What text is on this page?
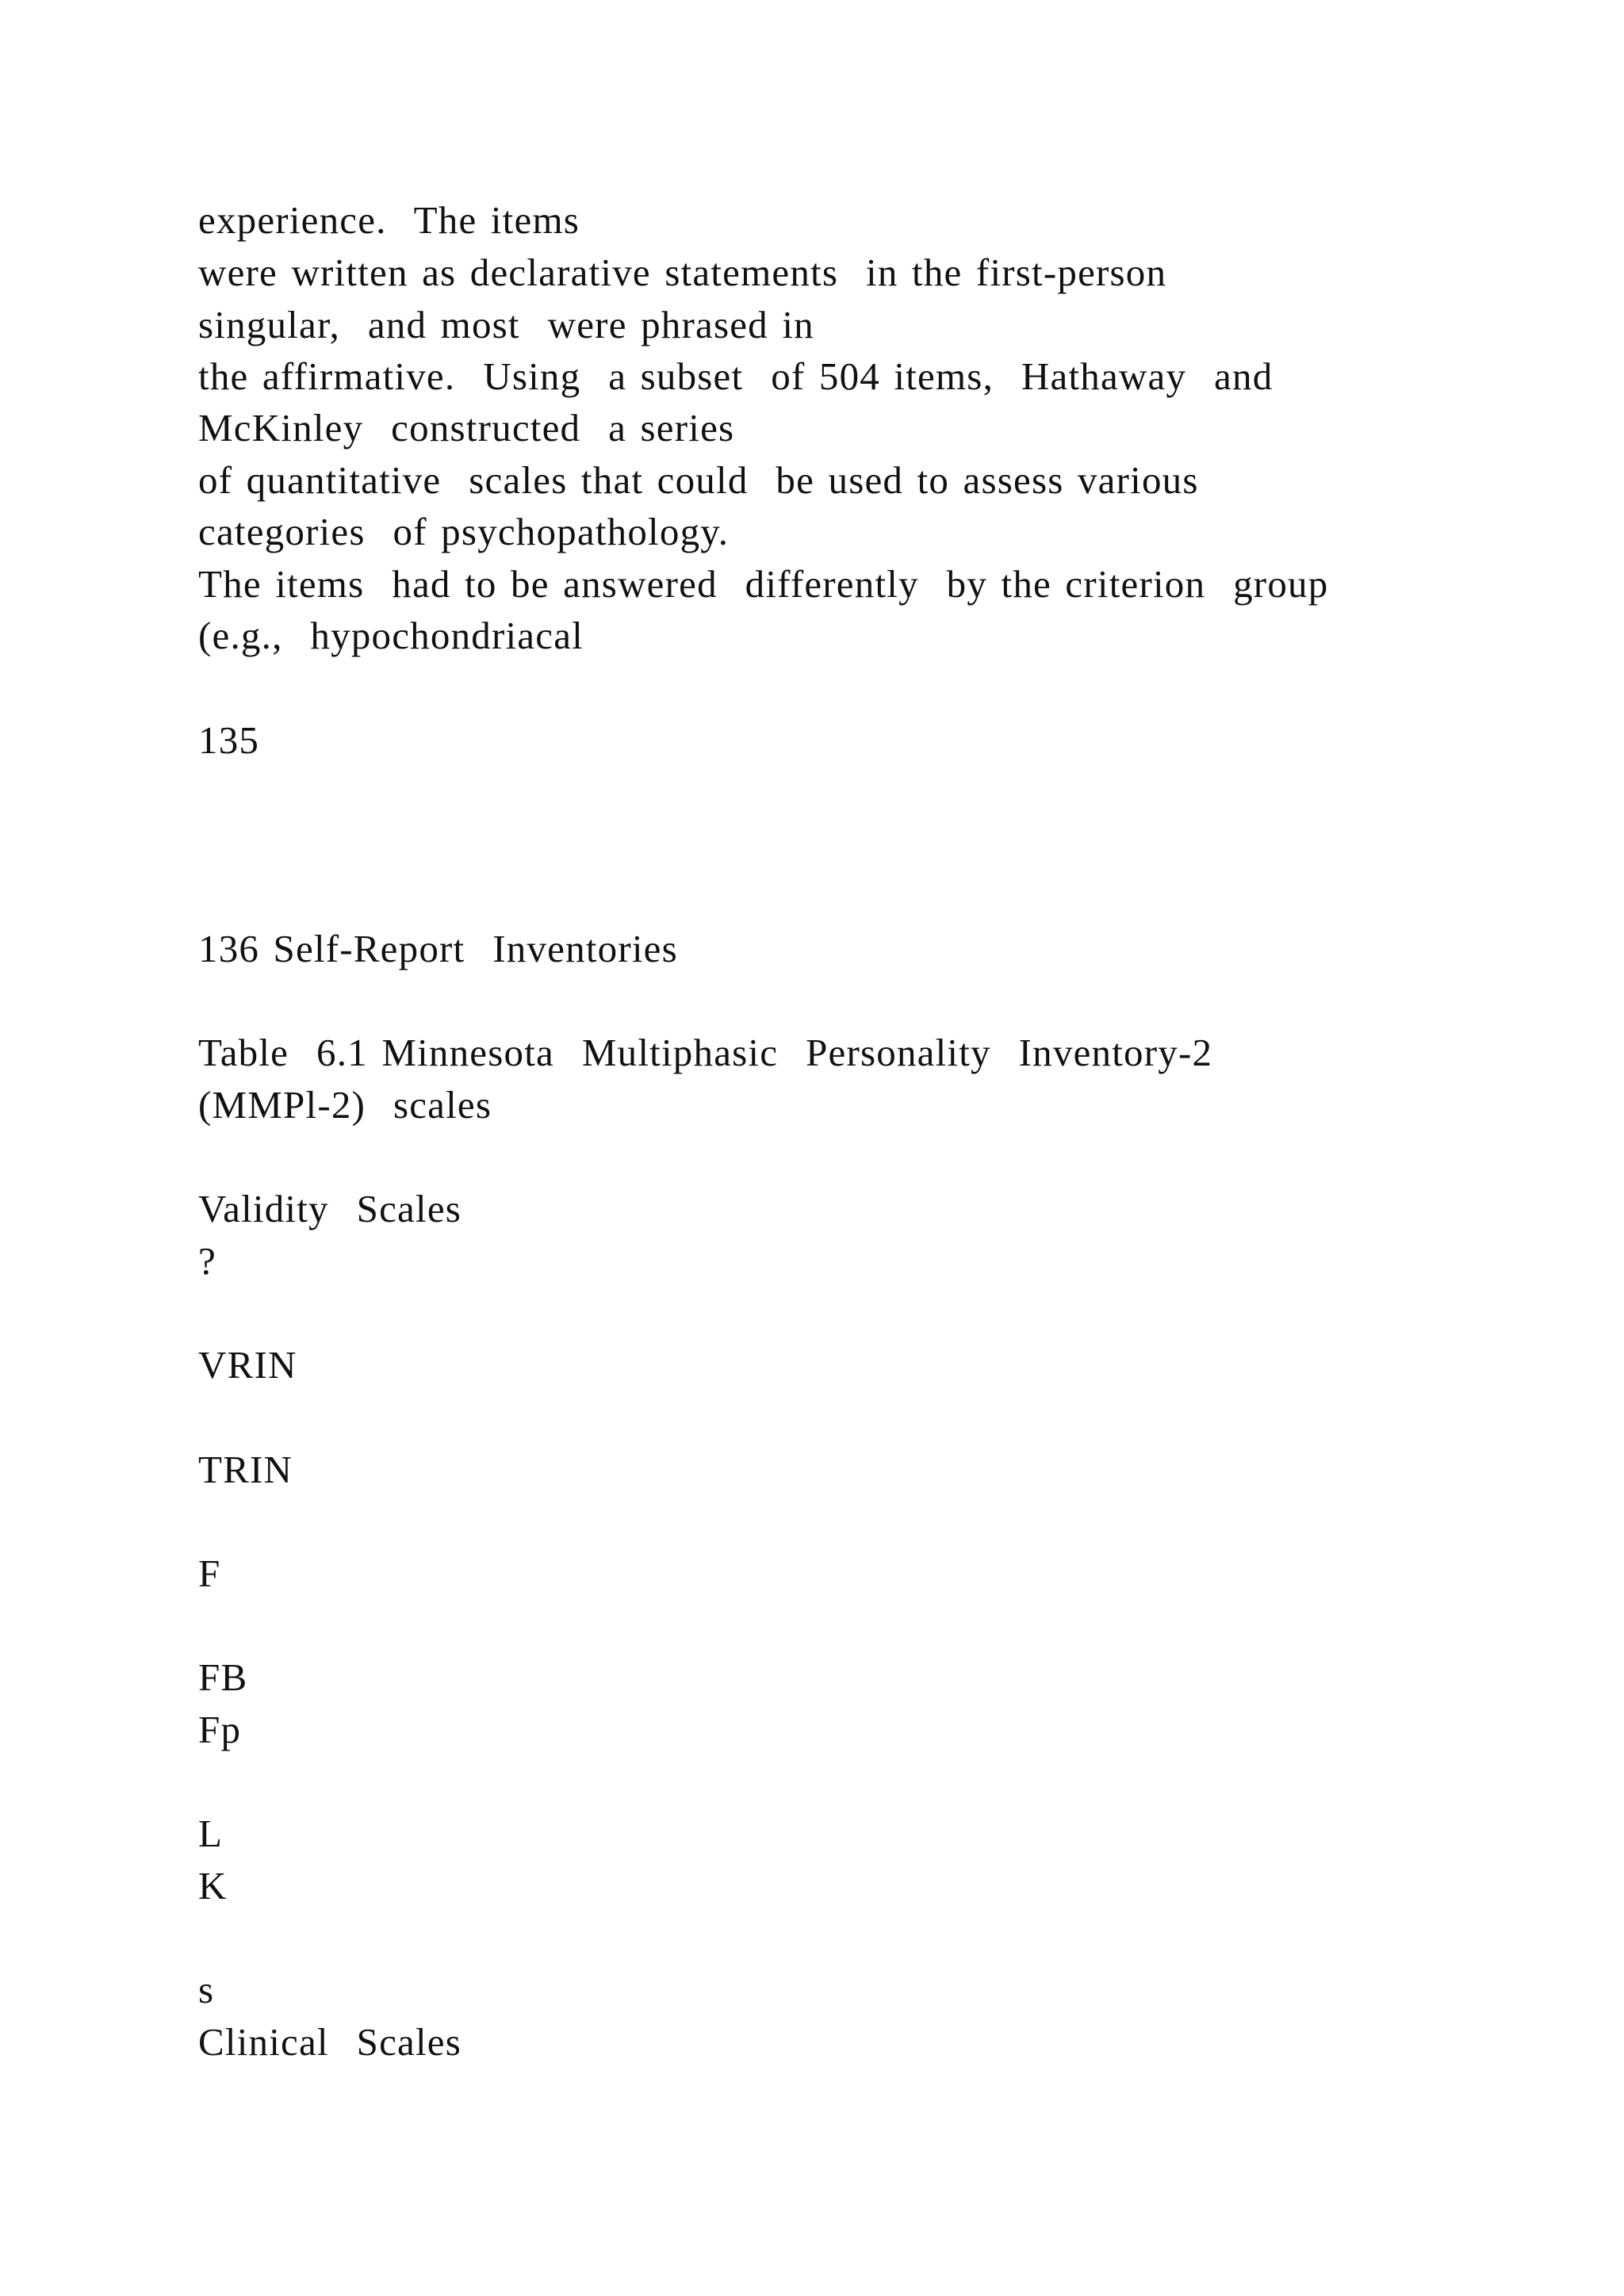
experience.  The items
were written as declarative statements  in the first-person
singular,  and most  were phrased in
the affirmative.  Using  a subset  of 504 items,  Hathaway  and
McKinley  constructed  a series
of quantitative  scales that could  be used to assess various
categories  of psychopathology.
The items  had to be answered  differently  by the criterion  group
(e.g.,  hypochondriacal
135
136 Self-Report  Inventories
Table  6.1 Minnesota  Multiphasic  Personality  Inventory-2
(MMPl-2)  scales
Validity  Scales
?
VRIN
TRIN
F
FB
Fp
L
K
s
Clinical  Scales
